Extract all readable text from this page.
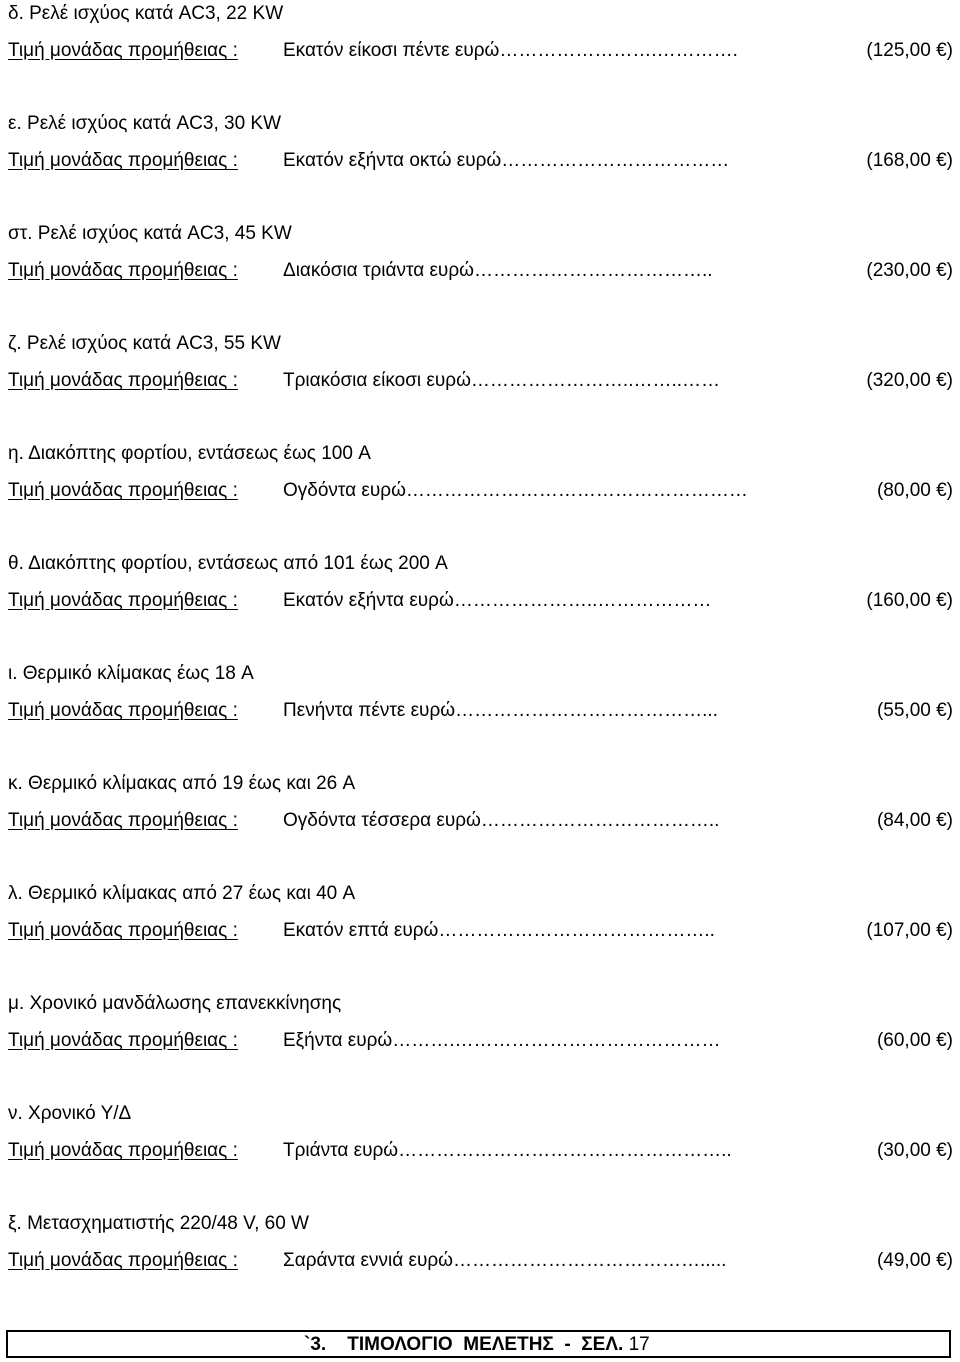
δ. Ρελέ ισχύος κατά AC3, 22 KW
Τιμή μονάδας προμήθειας : Εκατόν είκοσι πέντε ευρώ…………………….………….	(125,00 €)
ε. Ρελέ ισχύος κατά AC3, 30 KW
Τιμή μονάδας προμήθειας : Εκατόν εξήντα οκτώ ευρώ………………………………	(168,00 €)
στ. Ρελέ ισχύος κατά AC3, 45 KW
Τιμή μονάδας προμήθειας : Διακόσια τριάντα ευρώ………………………………..	(230,00 €)
ζ. Ρελέ ισχύος κατά AC3, 55 KW
Τιμή μονάδας προμήθειας : Τριακόσια είκοσι ευρώ……………………..……..……	(320,00 €)
η. Διακόπτης φορτίου, εντάσεως έως 100 A
Τιμή μονάδας προμήθειας : Ογδόντα ευρώ………………………………………………	(80,00 €)
θ. Διακόπτης φορτίου, εντάσεως από 101 έως 200 A
Τιμή μονάδας προμήθειας : Εκατόν εξήντα ευρώ…………………..………………	(160,00 €)
ι. Θερμικό κλίμακας έως 18 A
Τιμή μονάδας προμήθειας : Πενήντα πέντε ευρώ…………………………………...	(55,00 €)
κ. Θερμικό κλίμακας από 19 έως και 26 A
Τιμή μονάδας προμήθειας : Ογδόντα τέσσερα ευρώ………………………………..	(84,00 €)
λ. Θερμικό κλίμακας από 27 έως και 40 A
Τιμή μονάδας προμήθειας : Εκατόν επτά ευρώ……………………………………..	(107,00 €)
μ. Χρονικό μανδάλωσης επανεκκίνησης
Τιμή μονάδας προμήθειας : Εξήντα ευρώ……….……………………………………	(60,00 €)
ν. Χρονικό Υ/Δ
Τιμή μονάδας προμήθειας : Τριάντα ευρώ……………………………………………..	(30,00 €)
ξ. Μετασχηματιστής 220/48 V, 60 W
Τιμή μονάδας προμήθειας : Σαράντα εννιά ευρώ………………………………….....	(49,00 €)
`3.    ΤΙΜΟΛΟΓΙΟ  ΜΕΛΕΤΗΣ  -  ΣΕΛ. 17
